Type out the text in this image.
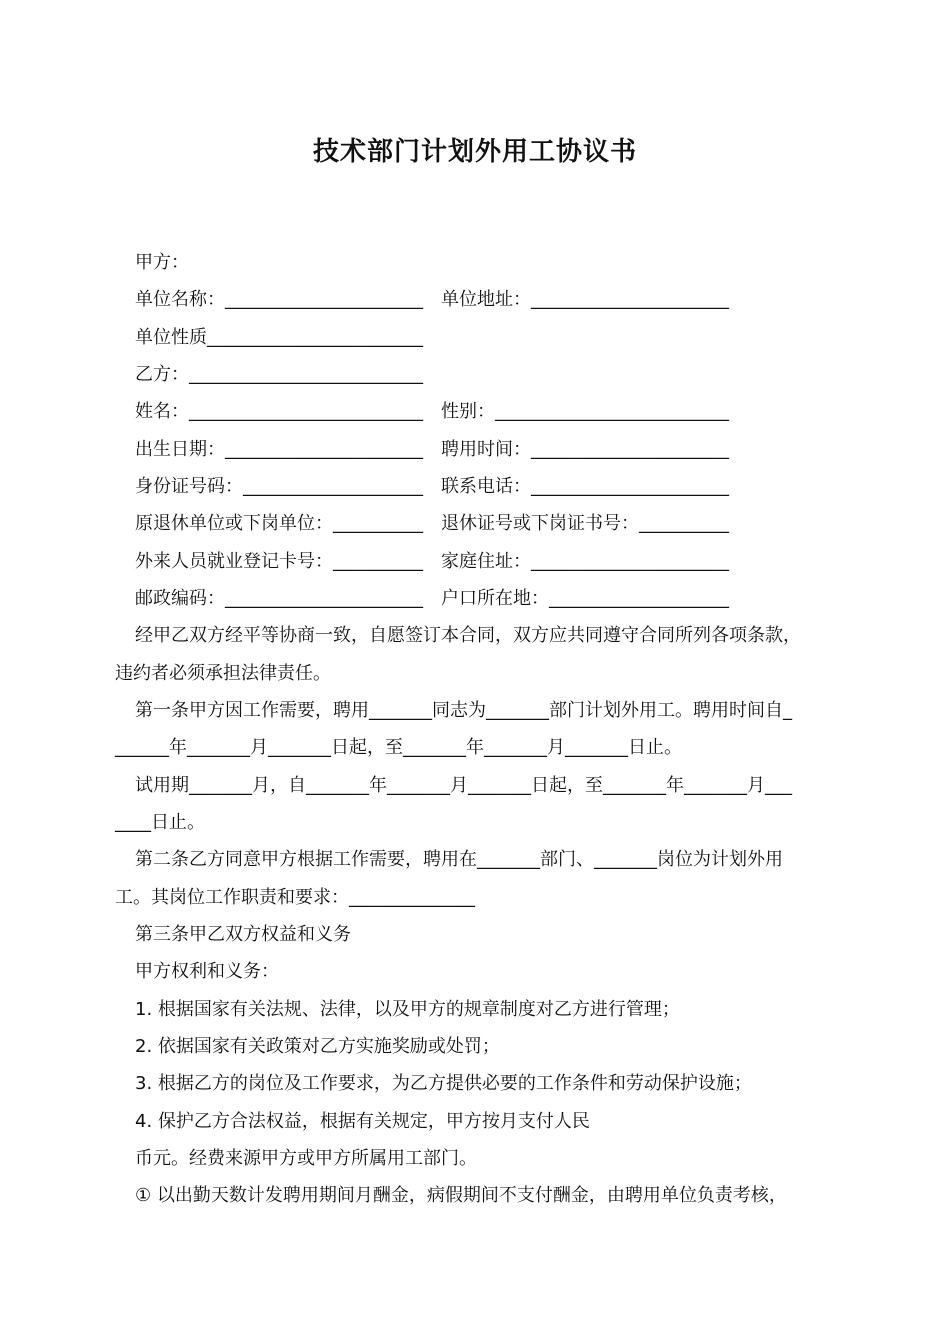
技术部门计划外用工协议书
甲方：
单位名称：______________________ 单位地址：______________________
单位性质________________________
乙方：__________________________
姓名：__________________________ 性别：__________________________
出生日期：______________________ 聘用时间：______________________
身份证号码：____________________ 联系电话：______________________
原退休单位或下岗单位：__________ 退休证号或下岗证书号：__________
外来人员就业登记卡号：__________ 家庭住址：______________________
邮政编码：______________________ 户口所在地：____________________
经甲乙双方经平等协商一致，自愿签订本合同，双方应共同遵守合同所列各项条款，
违约者必须承担法律责任。
第一条甲方因工作需要，聘用_______同志为_______部门计划外用工。聘用时间自_
______年_______月_______日起，至_______年_______月_______日止。
试用期_______月，自_______年_______月_______日起，至_______年_______月___
____日止。
第二条乙方同意甲方根据工作需要，聘用在_______部门、_______岗位为计划外用
工。其岗位工作职责和要求：______________
第三条甲乙双方权益和义务
甲方权利和义务：
1. 根据国家有关法规、法律，以及甲方的规章制度对乙方进行管理；
2. 依据国家有关政策对乙方实施奖励或处罚；
3. 根据乙方的岗位及工作要求，为乙方提供必要的工作条件和劳动保护设施；
4. 保护乙方合法权益，根据有关规定，甲方按月支付人民
币元。经费来源甲方或甲方所属用工部门。
① 以出勤天数计发聘用期间月酬金，病假期间不支付酬金，由聘用单位负责考核，
